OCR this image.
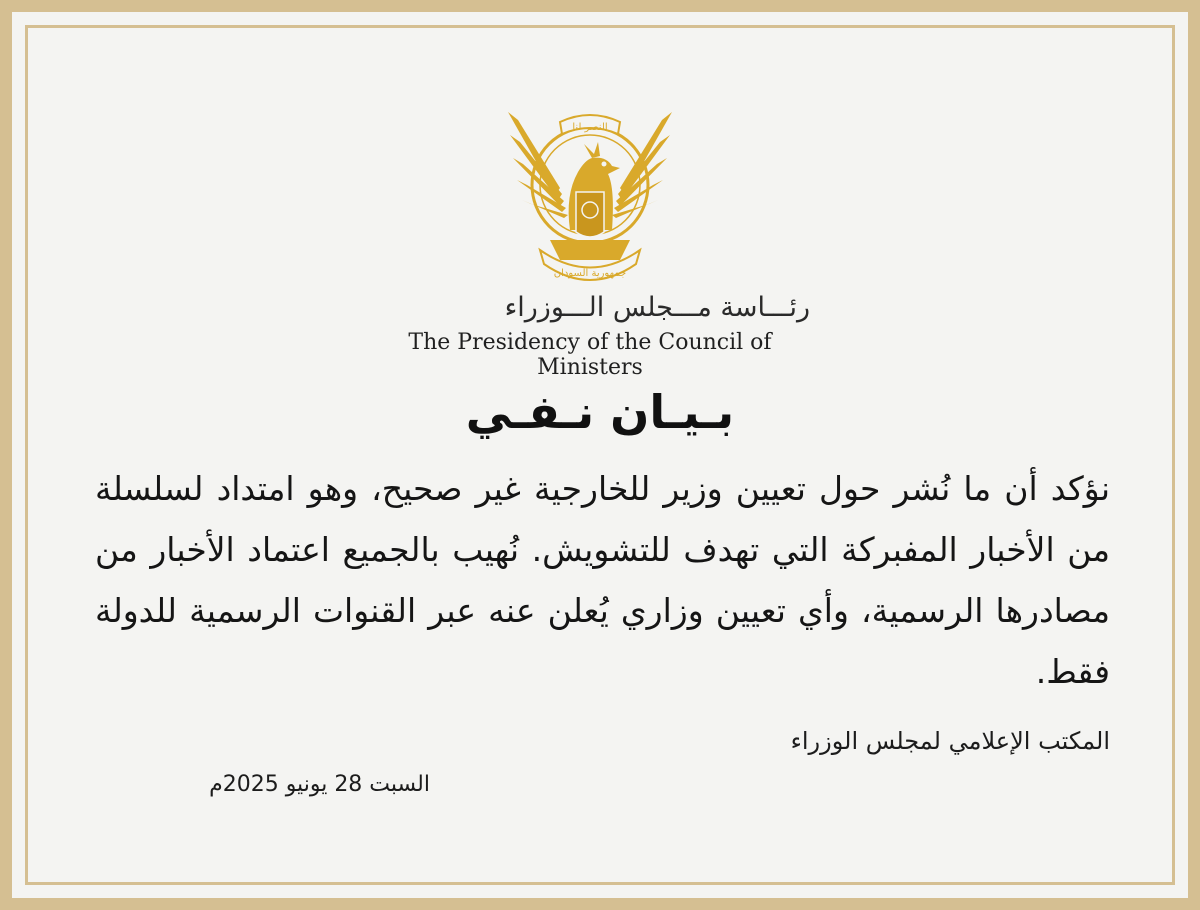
النصر لنا
جمهورية السودان
رئـــاسة مـــجلس الـــوزراء
The Presidency of the Council of Ministers
بـيـان نـفـي
نؤكد أن ما نُشر حول تعيين وزير للخارجية غير صحيح، وهو امتداد لسلسلة من الأخبار المفبركة التي تهدف للتشويش. نُهيب بالجميع اعتماد الأخبار من مصادرها الرسمية، وأي تعيين وزاري يُعلن عنه عبر القنوات الرسمية للدولة فقط.
المكتب الإعلامي لمجلس الوزراء
السبت 28 يونيو 2025م
